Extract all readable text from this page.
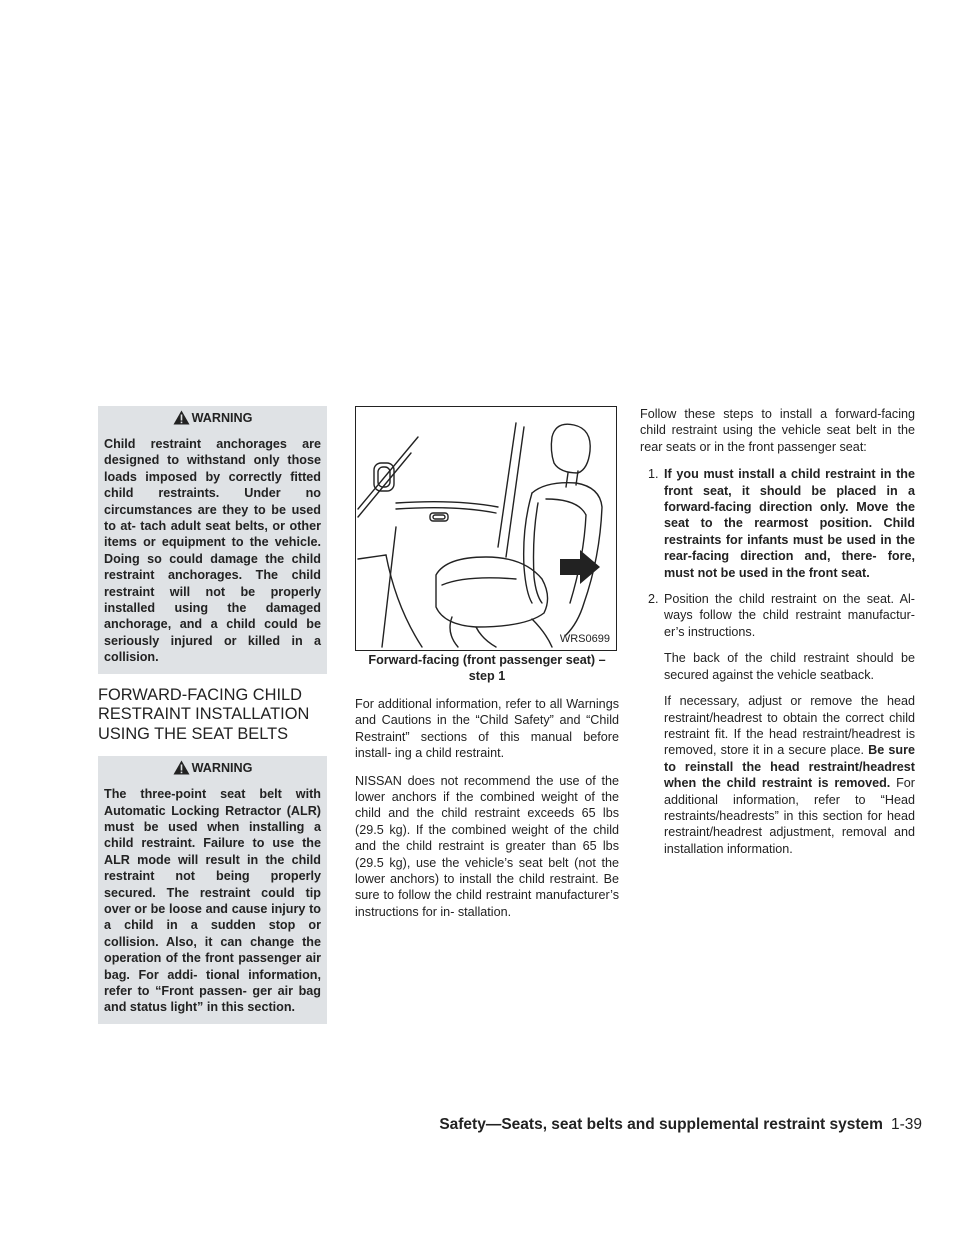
WARNING
Child restraint anchorages are designed to withstand only those loads imposed by correctly fitted child restraints. Under no circumstances are they to be used to at- tach adult seat belts, or other items or equipment to the vehicle. Doing so could damage the child restraint anchorages. The child restraint will not be properly installed using the damaged anchorage, and a child could be seriously injured or killed in a collision.
FORWARD-FACING CHILD RESTRAINT INSTALLATION USING THE SEAT BELTS
WARNING
The three-point seat belt with Automatic Locking Retractor (ALR) must be used when installing a child restraint. Failure to use the ALR mode will result in the child restraint not being properly secured. The restraint could tip over or be loose and cause injury to a child in a sudden stop or collision. Also, it can change the operation of the front passenger air bag. For addi- tional information, refer to “Front passen- ger air bag and status light” in this section.
WRS0699
Forward-facing (front passenger seat) – step 1

For additional information, refer to all Warnings and Cautions in the “Child Safety” and “Child Restraint” sections of this manual before install- ing a child restraint.

NISSAN does not recommend the use of the lower anchors if the combined weight of the child and the child restraint exceeds 65 lbs (29.5 kg). If the combined weight of the child and the child restraint is greater than 65 lbs (29.5 kg), use the vehicle’s seat belt (not the lower anchors) to install the child restraint. Be sure to follow the child restraint manufacturer’s instructions for in- stallation.

Follow these steps to install a forward-facing child restraint using the vehicle seat belt in the rear seats or in the front passenger seat:

1. If you must install a child restraint in the front seat, it should be placed in a forward-facing direction only. Move the seat to the rearmost position. Child restraints for infants must be used in the rear-facing direction and, there- fore, must not be used in the front seat.
2. Position the child restraint on the seat. Al- ways follow the child restraint manufactur- er’s instructions.

The back of the child restraint should be secured against the vehicle seatback.

If necessary, adjust or remove the head restraint/headrest to obtain the correct child restraint fit. If the head restraint/headrest is removed, store it in a secure place. Be sure to reinstall the head restraint/headrest when the child restraint is removed. For additional information, refer to “Head restraints/headrests” in this section for head restraint/headrest adjustment, removal and installation information.

Safety—Seats, seat belts and supplemental restraint system 1-39
